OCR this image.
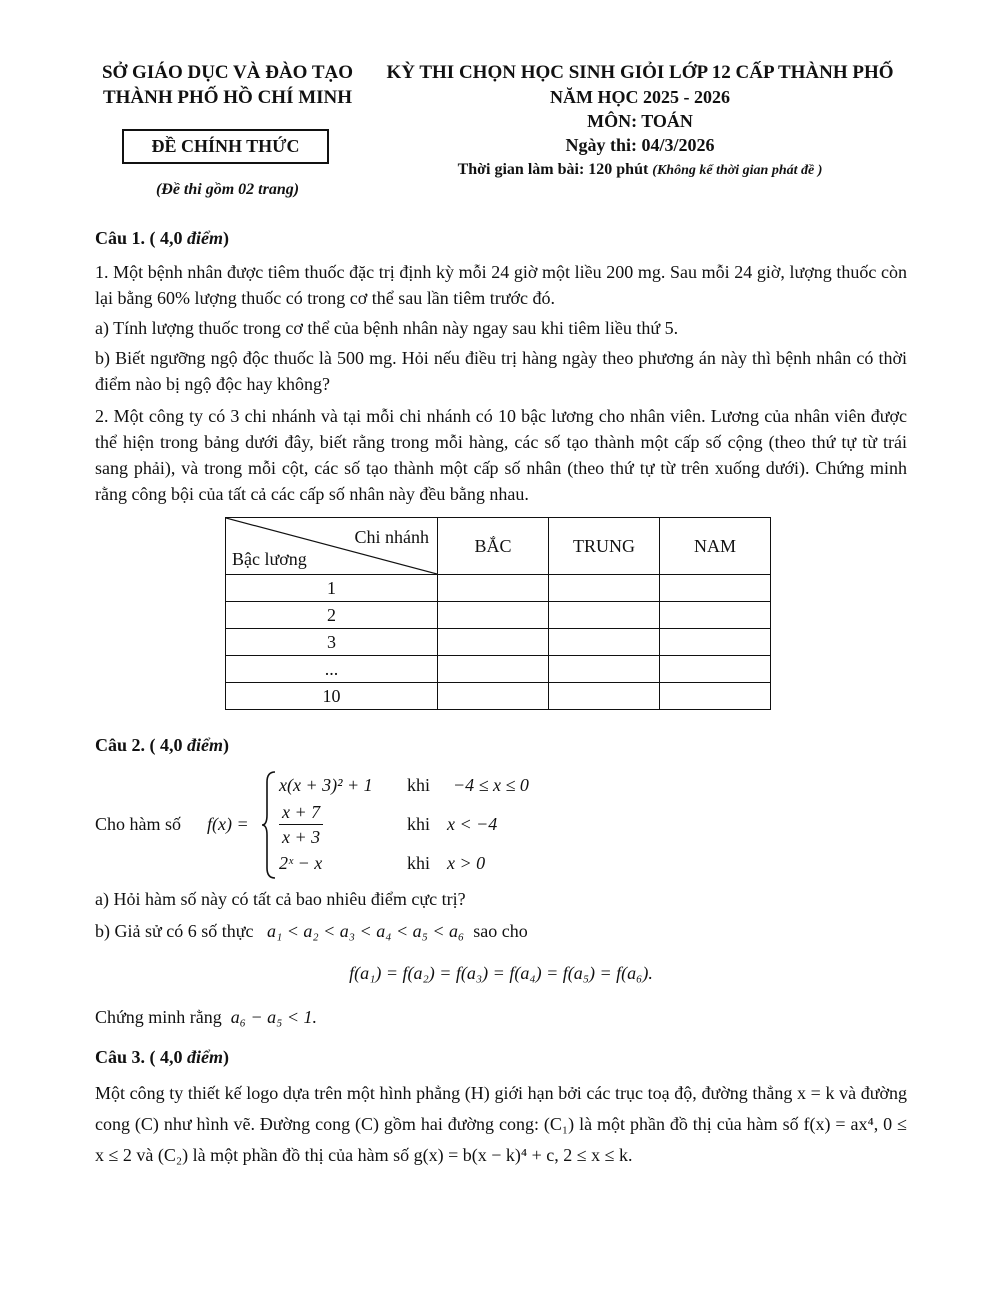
SỞ GIÁO DỤC VÀ ĐÀO TẠO
THÀNH PHỐ HỒ CHÍ MINH
ĐỀ CHÍNH THỨC
(Đề thi gồm 02 trang)
KỲ THI CHỌN HỌC SINH GIỎI LỚP 12 CẤP THÀNH PHỐ
NĂM HỌC 2025 - 2026
MÔN: TOÁN
Ngày thi: 04/3/2026
Thời gian làm bài: 120 phút (Không kể thời gian phát đề )
Câu 1. ( 4,0 điểm)

1. Một bệnh nhân được tiêm thuốc đặc trị định kỳ mỗi 24 giờ một liều 200 mg. Sau mỗi 24 giờ, lượng thuốc còn lại bằng 60% lượng thuốc có trong cơ thể sau lần tiêm trước đó.

a) Tính lượng thuốc trong cơ thể của bệnh nhân này ngay sau khi tiêm liều thứ 5.

b) Biết ngưỡng ngộ độc thuốc là 500 mg. Hỏi nếu điều trị hàng ngày theo phương án này thì bệnh nhân có thời điểm nào bị ngộ độc hay không?

2. Một công ty có 3 chi nhánh và tại mỗi chi nhánh có 10 bậc lương cho nhân viên. Lương của nhân viên được thể hiện trong bảng dưới đây, biết rằng trong mỗi hàng, các số tạo thành một cấp số cộng (theo thứ tự từ trái sang phải), và trong mỗi cột, các số tạo thành một cấp số nhân (theo thứ tự từ trên xuống dưới). Chứng minh rằng công bội của tất cả các cấp số nhân này đều bằng nhau.

Chi nhánh
Bậc lương	BẮC	TRUNG	NAM
1			
2			
3			
...			
10			
Câu 2. ( 4,0 điểm)
Cho hàm số f(x) =
x(x + 3)² + 1 khi −4 ≤ x ≤ 0
$\frac{x + 7}{x + 3}$	khi x < −4
2ˣ − x	khi x > 0

a) Hỏi hàm số này có tất cả bao nhiêu điểm cực trị?

b) Giả sử có 6 số thực a₁ < a₂ < a₃ < a₄ < a₅ < a₆ sao cho

f(a₁) = f(a₂) = f(a₃) = f(a₄) = f(a₅) = f(a₆).

Chứng minh rằng a₆ − a₅ < 1.

Câu 3. ( 4,0 điểm)

Một công ty thiết kế logo dựa trên một hình phẳng (H) giới hạn bởi các trục toạ độ, đường thẳng x = k và đường cong (C) như hình vẽ. Đường cong (C) gồm hai đường cong: (C₁) là một phần đồ thị của hàm số f(x) = ax⁴, 0 ≤ x ≤ 2 và (C₂) là một phần đồ thị của hàm số g(x) = b(x − k)⁴ + c, 2 ≤ x ≤ k.
